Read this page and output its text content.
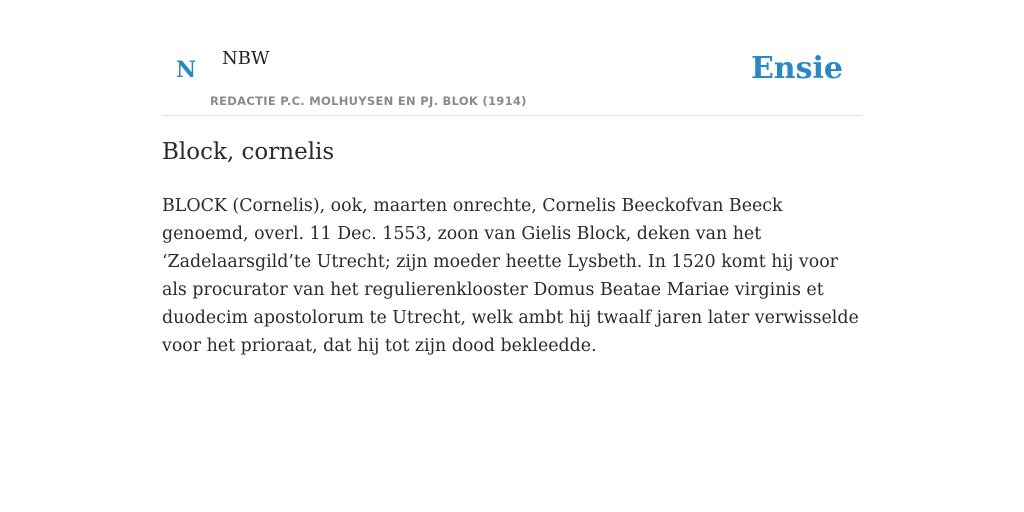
N NBW
REDACTIE P.C. MOLHUYSEN EN PJ. BLOK (1914)
Ensie
Block, cornelis

BLOCK (Cornelis), ook, maarten onrechte, Cornelis Beeckofvan Beeck genoemd, overl. 11 Dec. 1553, zoon van Gielis Block, deken van het ‘Zadelaarsgild’te Utrecht; zijn moeder heette Lysbeth. In 1520 komt hij voor als procurator van het regulierenklooster Domus Beatae Mariae virginis et duodecim apostolorum te Utrecht, welk ambt hij twaalf jaren later verwisselde voor het prioraat, dat hij tot zijn dood bekleedde.
